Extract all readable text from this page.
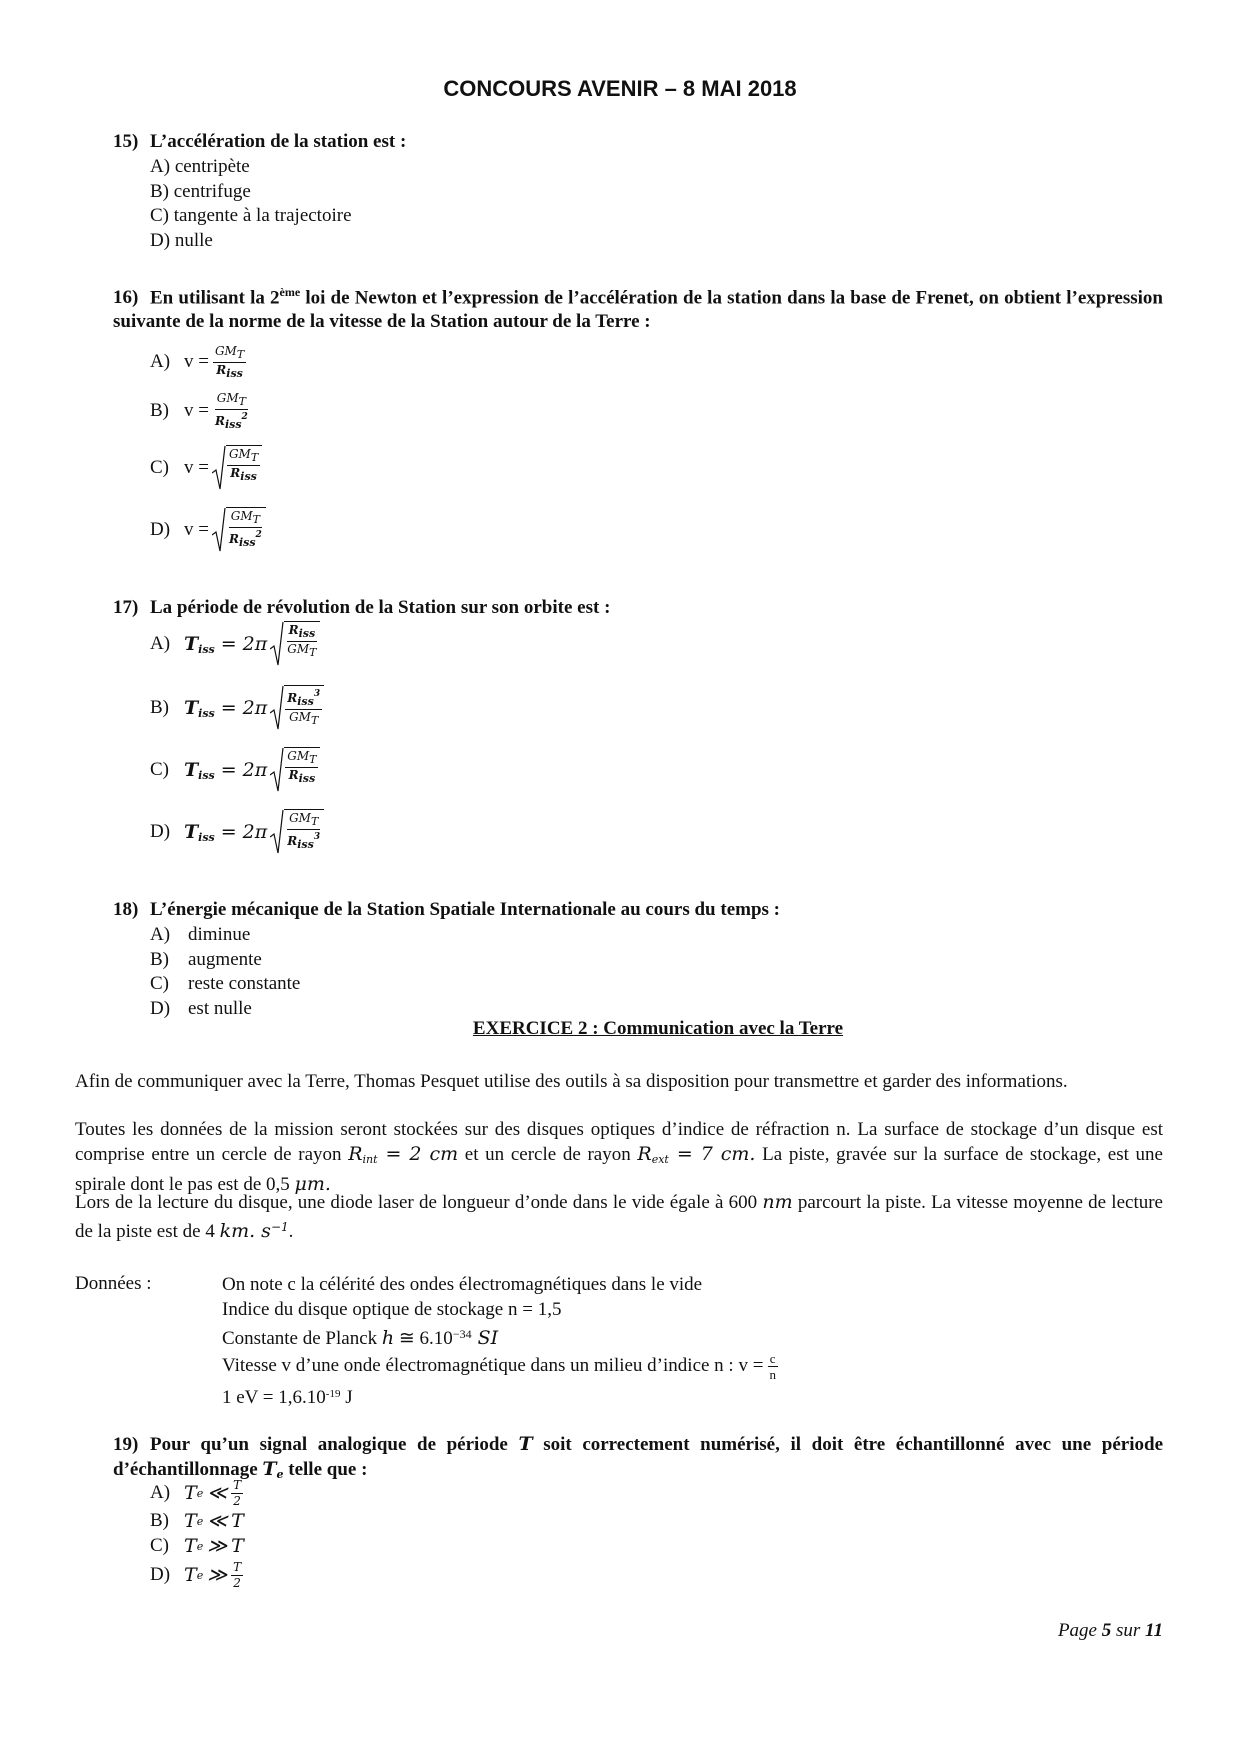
CONCOURS AVENIR – 8 MAI 2018
15) L’accélération de la station est :
A) centripète
B) centrifuge
C) tangente à la trajectoire
D) nulle
16) En utilisant la 2ème loi de Newton et l’expression de l’accélération de la station dans la base de Frenet, on obtient l’expression suivante de la norme de la vitesse de la Station autour de la Terre :
A) $v = \frac{\text{GMT}}{\text{Riss}}$
B) $v = \frac{\text{GMT}}{Riss^2}$
C) $v = \frac{\text{GMT}}{\text{Riss}}$
D) $v = \frac{\text{GMT}}{Riss^2}$
17) La période de révolution de la Station sur son orbite est :
A) $T_{iss} = 2\pi \frac{\text{Riss}}{\text{GMT}}$
B) $T_{iss} = 2\pi \frac{Riss^3}{\text{GMT}}$
C) $T_{iss} = 2\pi \frac{\text{GMT}}{\text{Riss}}$
D) $T_{iss} = 2\pi \frac{\text{GMT}}{Riss^3}$
18) L’énergie mécanique de la Station Spatiale Internationale au cours du temps :
A) diminue
B) augmente
C) reste constante
D) est nulle
EXERCICE 2 : Communication avec la Terre
Afin de communiquer avec la Terre, Thomas Pesquet utilise des outils à sa disposition pour transmettre et garder des informations.
Toutes les données de la mission seront stockées sur des disques optiques d’indice de réfraction n. La surface de stockage d’un disque est comprise entre un cercle de rayon $R_{int} = 2$ cm et un cercle de rayon $R_{ext} = 7$ cm. La piste, gravée sur la surface de stockage, est une spirale dont le pas est de 0,5 μm.
Lors de la lecture du disque, une diode laser de longueur d’onde dans le vide égale à 600 nm parcourt la piste. La vitesse moyenne de lecture de la piste est de 4 km. $s^{-1}$.
Données :	On note c la célérité des ondes électromagnétiques dans le vide
Indice du disque optique de stockage n = 1,5
Constante de Planck h ≅ $6.10^{-34}$ SI
Vitesse v d’une onde électromagnétique dans un milieu d’indice n : $v = \frac{c}{n}$
1 eV = $1,6.10^{-19}$ J
19) Pour qu’un signal analogique de période T soit correctement numérisé, il doit être échantillonné avec une période d’échantillonnage $T_e$ telle que :
A) T e ≪ $\frac{T}{2}$
B) T e ≪ T
C) T e ≫ T
D) T e ≫ $\frac{T}{2}$
Page 5 sur 11
